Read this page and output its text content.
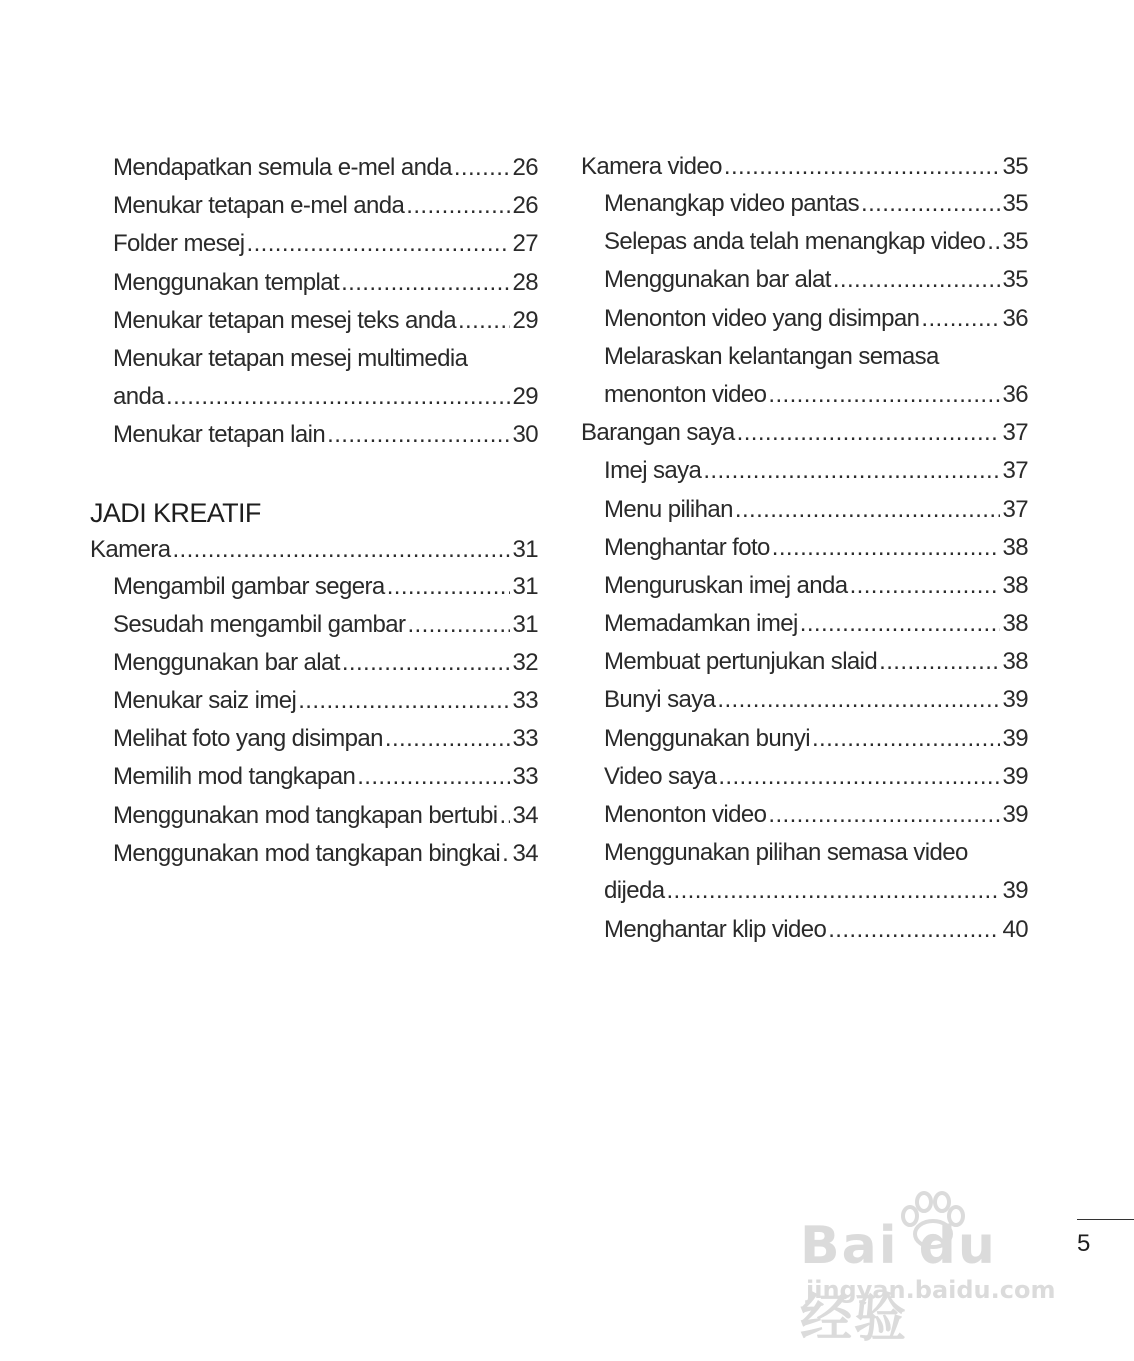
Mendapatkan semula e-mel anda .....	26
Menukar tetapan e-mel anda .....	26
Folder mesej .....	27
Menggunakan templat .....	28
Menukar tetapan mesej teks anda ..... 29
Menukar tetapan mesej multimedia
anda .....	29
Menukar tetapan lain .....	30
JADI KREATIF
Kamera .....	31
Mengambil gambar segera .....	31
Sesudah mengambil gambar .....	31
Menggunakan bar alat .....	32
Menukar saiz imej .....	33
Melihat foto yang disimpan .....	33
Memilih mod tangkapan .....	33
Menggunakan mod tangkapan bertubi ..... 34
Menggunakan mod tangkapan bingkai ..... 34
Kamera video .....	35
Menangkap video pantas .....	35
Selepas anda telah menangkap video ..... 35
Menggunakan bar alat .....	35
Menonton video yang disimpan .....	36
Melaraskan kelantangan semasa
menonton video .....	36
Barangan saya .....	37
Imej saya .....	37
Menu pilihan .....	37
Menghantar foto .....	38
Menguruskan imej anda .....	38
Memadamkan imej .....	38
Membuat pertunjukan slaid .....	38
Bunyi saya .....	39
Menggunakan bunyi .....	39
Video saya .....	39
Menonton video .....	39
Menggunakan pilihan semasa video
dijeda .....	39
Menghantar klip video .....	40
5
Bai du 经验
jingyan.baidu.com
